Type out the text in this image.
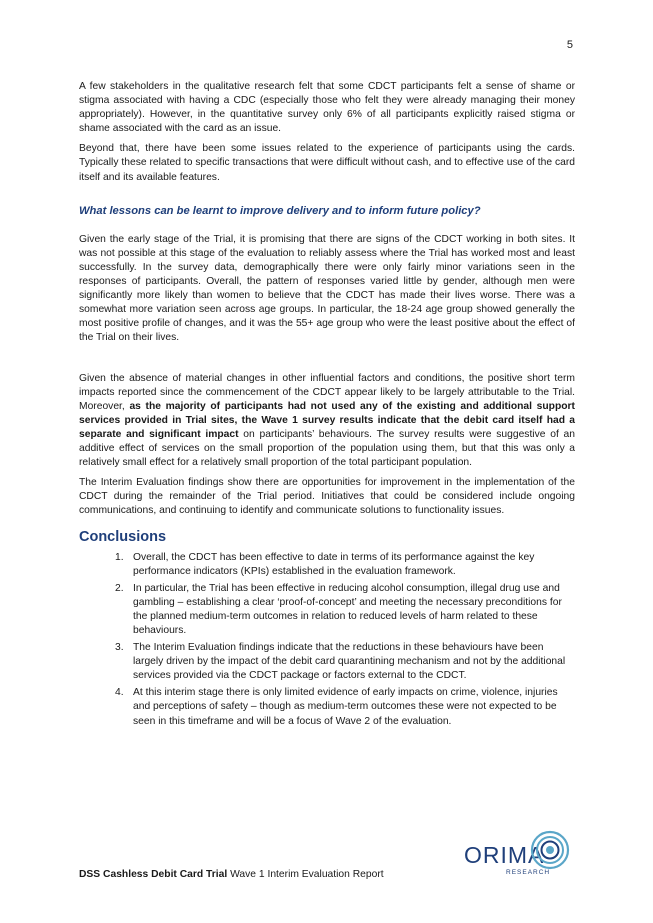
5

A few stakeholders in the qualitative research felt that some CDCT participants felt a sense of shame or stigma associated with having a CDC (especially those who felt they were already managing their money appropriately). However, in the quantitative survey only 6% of all participants explicitly raised stigma or shame associated with the card as an issue.

Beyond that, there have been some issues related to the experience of participants using the cards. Typically these related to specific transactions that were difficult without cash, and to effective use of the card itself and its available features.

What lessons can be learnt to improve delivery and to inform future policy?

Given the early stage of the Trial, it is promising that there are signs of the CDCT working in both sites. It was not possible at this stage of the evaluation to reliably assess where the Trial has worked most and least successfully. In the survey data, demographically there were only fairly minor variations seen in the responses of participants. Overall, the pattern of responses varied little by gender, although men were significantly more likely than women to believe that the CDCT has made their lives worse. There was a somewhat more variation seen across age groups. In particular, the 18-24 age group showed generally the most positive profile of changes, and it was the 55+ age group who were the least positive about the effect of the Trial on their lives.

Given the absence of material changes in other influential factors and conditions, the positive short term impacts reported since the commencement of the CDCT appear likely to be largely attributable to the Trial. Moreover, as the majority of participants had not used any of the existing and additional support services provided in Trial sites, the Wave 1 survey results indicate that the debit card itself had a separate and significant impact on participants’ behaviours. The survey results were suggestive of an additive effect of services on the small proportion of the population using them, but that this was only a relatively small effect for a relatively small proportion of the total participant population.

The Interim Evaluation findings show there are opportunities for improvement in the implementation of the CDCT during the remainder of the Trial period. Initiatives that could be considered include ongoing communications, and continuing to identify and communicate solutions to functionality issues.

Conclusions
1. Overall, the CDCT has been effective to date in terms of its performance against the key performance indicators (KPIs) established in the evaluation framework.
2. In particular, the Trial has been effective in reducing alcohol consumption, illegal drug use and gambling – establishing a clear ‘proof-of-concept’ and meeting the necessary preconditions for the planned medium-term outcomes in relation to reduced levels of harm related to these behaviours.
3. The Interim Evaluation findings indicate that the reductions in these behaviours have been largely driven by the impact of the debit card quarantining mechanism and not by the additional services provided via the CDCT package or factors external to the CDCT.
4. At this interim stage there is only limited evidence of early impacts on crime, violence, injuries and perceptions of safety – though as medium-term outcomes these were not expected to be seen in this timeframe and will be a focus of Wave 2 of the evaluation.
ORIMA
RESEARCH
DSS Cashless Debit Card Trial Wave 1 Interim Evaluation Report
